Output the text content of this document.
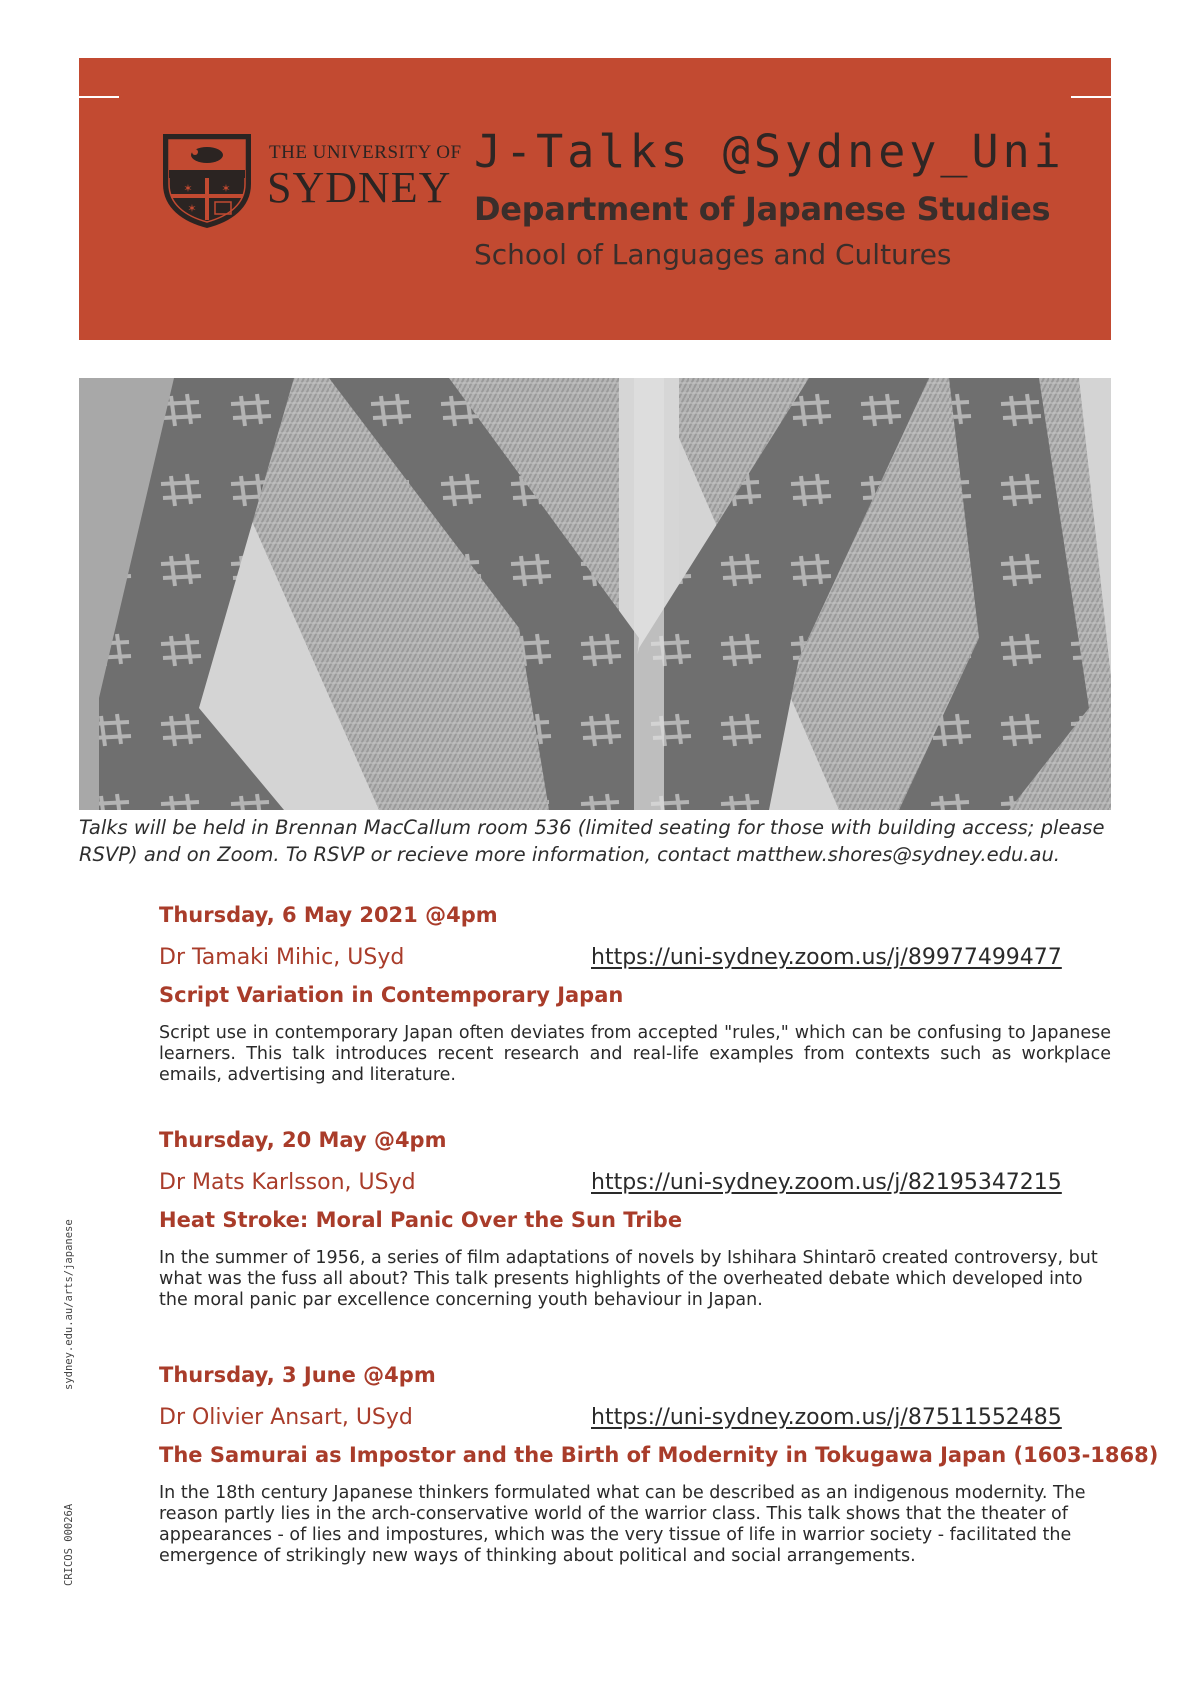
✶	✶
✶
THE UNIVERSITY OF
SYDNEY
J-Talks @Sydney_Uni
Department of Japanese Studies
School of Languages and Cultures
Talks will be held in Brennan MacCallum room 536 (limited seating for those with building access; please RSVP) and on Zoom. To RSVP or recieve more information, contact matthew.shores@sydney.edu.au.
sydney.edu.au/arts/japanese
CRICOS 00026A
Thursday, 6 May 2021 @4pm
Dr Tamaki Mihic, USyd	https://uni-sydney.zoom.us/j/89977499477
Script Variation in Contemporary Japan
Script use in contemporary Japan often deviates from accepted "rules," which can be confusing to Japanese learners. This talk introduces recent research and real-life examples from contexts such as workplace emails, advertising and literature.
Thursday, 20 May @4pm
Dr Mats Karlsson, USyd	https://uni-sydney.zoom.us/j/82195347215
Heat Stroke: Moral Panic Over the Sun Tribe
In the summer of 1956, a series of film adaptations of novels by Ishihara Shintarō created controversy, but what was the fuss all about? This talk presents highlights of the overheated debate which developed into the moral panic par excellence concerning youth behaviour in Japan.
Thursday, 3 June @4pm
Dr Olivier Ansart, USyd	https://uni-sydney.zoom.us/j/87511552485
The Samurai as Impostor and the Birth of Modernity in Tokugawa Japan (1603-1868)
In the 18th century Japanese thinkers formulated what can be described as an indigenous modernity. The reason partly lies in the arch-conservative world of the warrior class. This talk shows that the theater of appearances - of lies and impostures, which was the very tissue of life in warrior society - facilitated the emergence of strikingly new ways of thinking about political and social arrangements.
